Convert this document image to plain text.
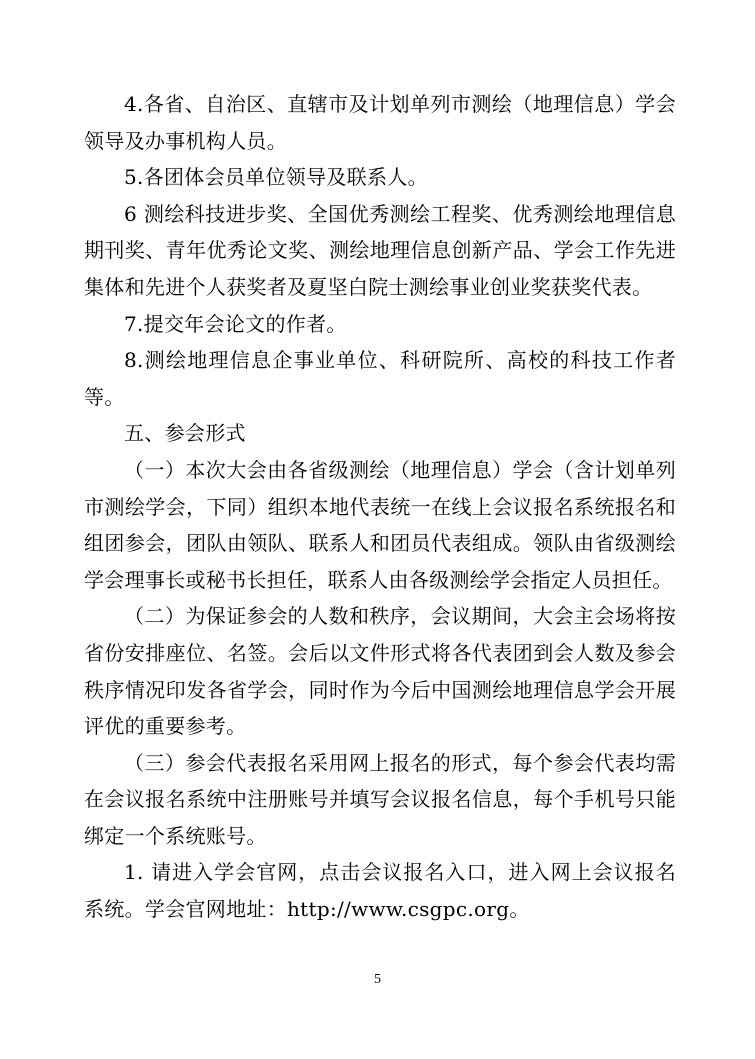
4.各省、自治区、直辖市及计划单列市测绘（地理信息）学会领导及办事机构人员。

5.各团体会员单位领导及联系人。

6 测绘科技进步奖、全国优秀测绘工程奖、优秀测绘地理信息期刊奖、青年优秀论文奖、测绘地理信息创新产品、学会工作先进集体和先进个人获奖者及夏坚白院士测绘事业创业奖获奖代表。

7.提交年会论文的作者。

8.测绘地理信息企事业单位、科研院所、高校的科技工作者等。

五、参会形式

（一）本次大会由各省级测绘（地理信息）学会（含计划单列市测绘学会，下同）组织本地代表统一在线上会议报名系统报名和组团参会，团队由领队、联系人和团员代表组成。领队由省级测绘学会理事长或秘书长担任，联系人由各级测绘学会指定人员担任。

（二）为保证参会的人数和秩序，会议期间，大会主会场将按省份安排座位、名签。会后以文件形式将各代表团到会人数及参会秩序情况印发各省学会，同时作为今后中国测绘地理信息学会开展评优的重要参考。

（三）参会代表报名采用网上报名的形式，每个参会代表均需在会议报名系统中注册账号并填写会议报名信息，每个手机号只能绑定一个系统账号。

1. 请进入学会官网，点击会议报名入口，进入网上会议报名系统。学会官网地址：http://www.csgpc.org。

5
